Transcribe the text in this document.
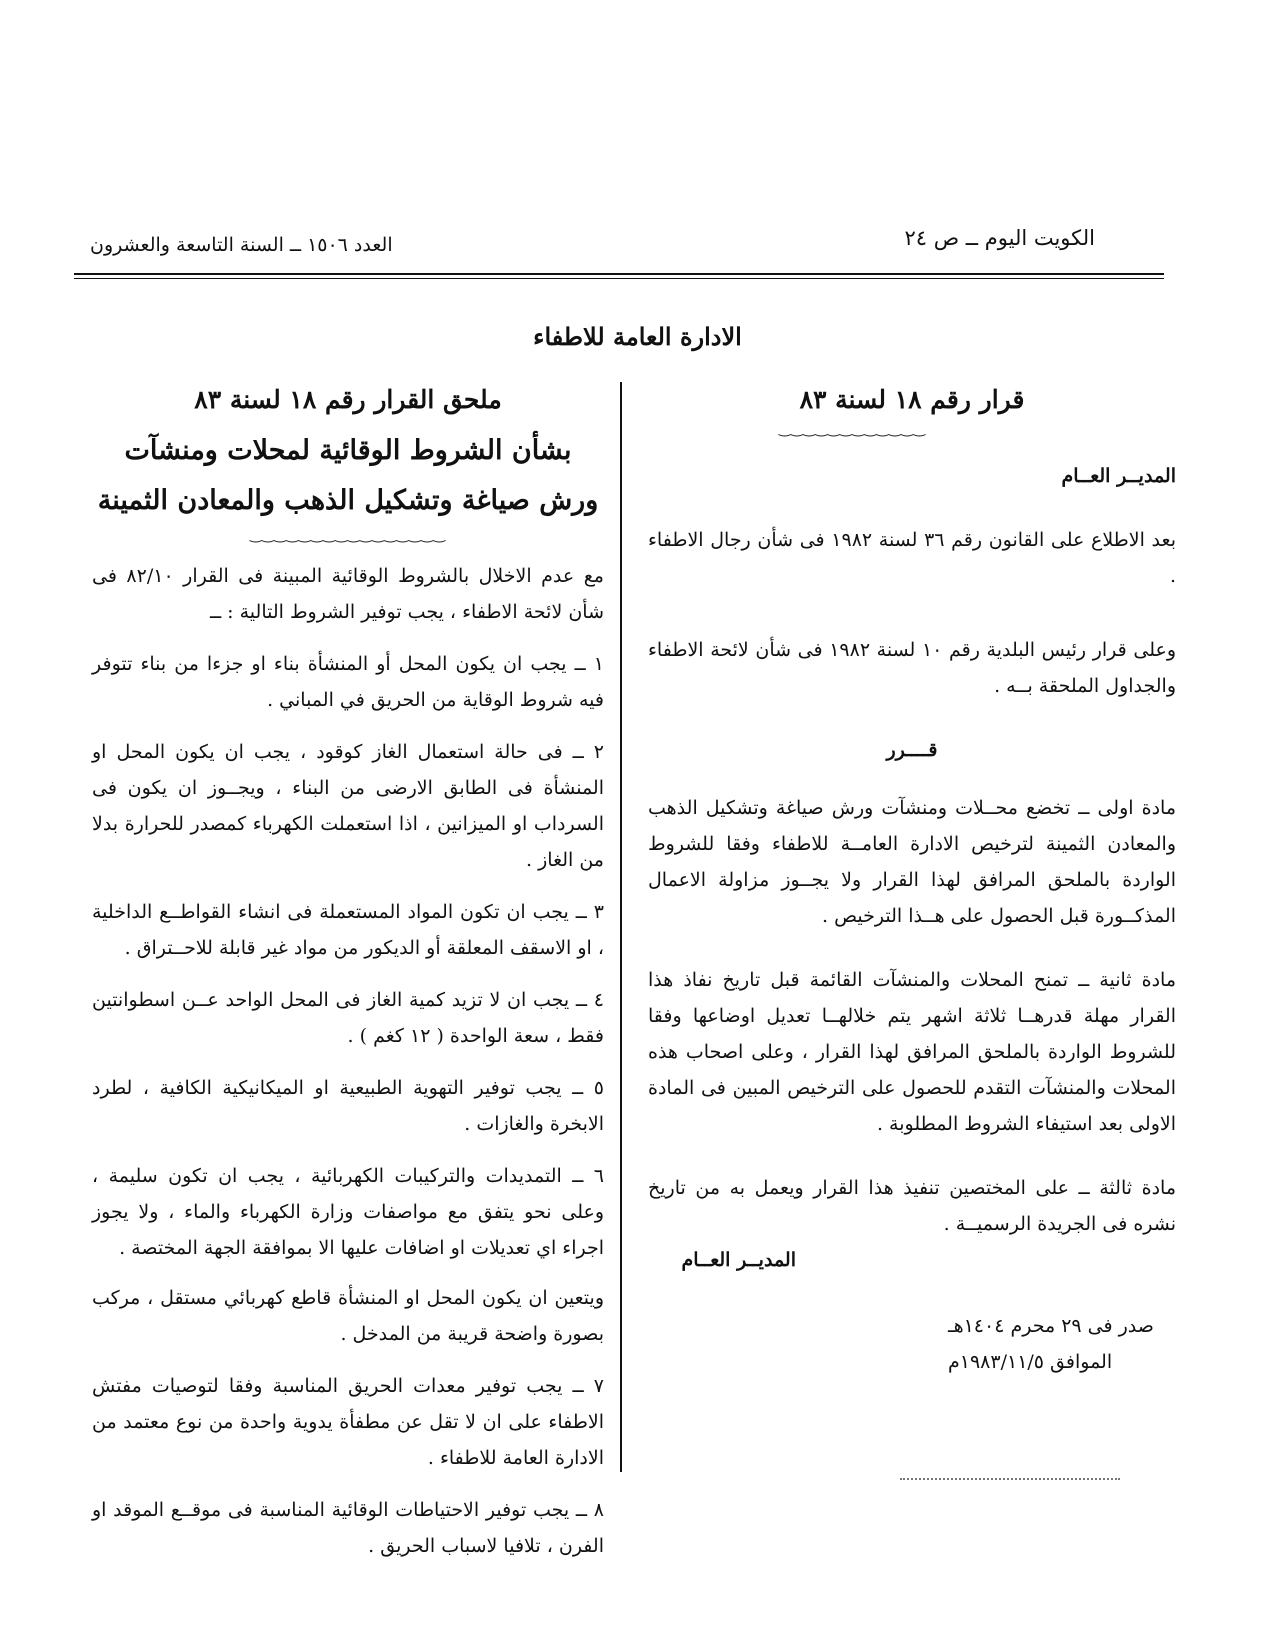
الكويت اليوم ــ ص ٢٤
العدد ١٥٠٦ ــ السنة التاسعة والعشرون
الادارة العامة للاطفاء
قرار رقم ١٨ لسنة ٨٣
‿‿‿‿‿‿‿‿‿‿‿‿

المديــر العــام

بعد الاطلاع على القانون رقم ٣٦ لسنة ١٩٨٢ فى شأن رجال الاطفاء .

وعلى قرار رئيس البلدية رقم ١٠ لسنة ١٩٨٢ فى شأن لائحة الاطفاء والجداول الملحقة بــه .

قــــرر

مادة اولى ــ تخضع محــلات ومنشآت ورش صياغة وتشكيل الذهب والمعادن الثمينة لترخيص الادارة العامــة للاطفاء وفقا للشروط الواردة بالملحق المرافق لهذا القرار ولا يجــوز مزاولة الاعمال المذكــورة قبل الحصول على هــذا الترخيص .

مادة ثانية ــ تمنح المحلات والمنشآت القائمة قبل تاريخ نفاذ هذا القرار مهلة قدرهــا ثلاثة اشهر يتم خلالهــا تعديل اوضاعها وفقا للشروط الواردة بالملحق المرافق لهذا القرار ، وعلى اصحاب هذه المحلات والمنشآت التقدم للحصول على الترخيص المبين فى المادة الاولى بعد استيفاء الشروط المطلوبة .

مادة ثالثة ــ على المختصين تنفيذ هذا القرار ويعمل به من تاريخ نشره فى الجريدة الرسميــة .

المديــر العــام

صدر فى ٢٩ محرم ١٤٠٤هـ

الموافق ١٩٨٣/١١/٥م

ملحق القرار رقم ١٨ لسنة ٨٣
بشأن الشروط الوقائية لمحلات ومنشآت ورش صياغة وتشكيل الذهب والمعادن الثمينة
‿‿‿‿‿‿‿‿‿‿‿‿‿‿‿‿

مع عدم الاخلال بالشروط الوقائية المبينة فى القرار ٨٢/١٠ فى شأن لائحة الاطفاء ، يجب توفير الشروط التالية : ــ

١ ــ يجب ان يكون المحل أو المنشأة بناء او جزءا من بناء تتوفر فيه شروط الوقاية من الحريق في المباني .

٢ ــ فى حالة استعمال الغاز كوقود ، يجب ان يكون المحل او المنشأة فى الطابق الارضى من البناء ، ويجــوز ان يكون فى السرداب او الميزانين ، اذا استعملت الكهرباء كمصدر للحرارة بدلا من الغاز .

٣ ــ يجب ان تكون المواد المستعملة فى انشاء القواطــع الداخلية ، او الاسقف المعلقة أو الديكور من مواد غير قابلة للاحــتراق .

٤ ــ يجب ان لا تزيد كمية الغاز فى المحل الواحد عــن اسطوانتين فقط ، سعة الواحدة ( ١٢ كغم ) .

٥ ــ يجب توفير التهوية الطبيعية او الميكانيكية الكافية ، لطرد الابخرة والغازات .

٦ ــ التمديدات والتركيبات الكهربائية ، يجب ان تكون سليمة ، وعلى نحو يتفق مع مواصفات وزارة الكهرباء والماء ، ولا يجوز اجراء اي تعديلات او اضافات عليها الا بموافقة الجهة المختصة .

ويتعين ان يكون المحل او المنشأة قاطع كهربائي مستقل ، مركب بصورة واضحة قريبة من المدخل .

٧ ــ يجب توفير معدات الحريق المناسبة وفقا لتوصيات مفتش الاطفاء على ان لا تقل عن مطفأة يدوية واحدة من نوع معتمد من الادارة العامة للاطفاء .

٨ ــ يجب توفير الاحتياطات الوقائية المناسبة فى موقــع الموقد او الفرن ، تلافيا لاسباب الحريق .
